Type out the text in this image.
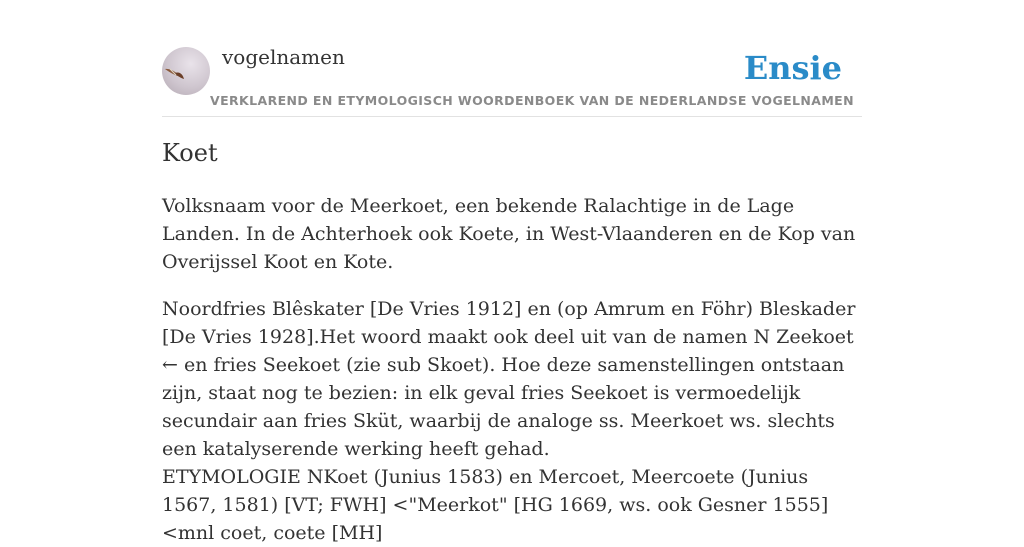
vogelnamen	Ensie
VERKLAREND EN ETYMOLOGISCH WOORDENBOEK VAN DE NEDERLANDSE VOGELNAMEN
Koet

Volksnaam voor de Meerkoet, een bekende Ralachtige in de Lage Landen. In de Achterhoek ook Koete, in West-Vlaanderen en de Kop van Overijssel Koot en Kote.

Noordfries Blêskater [De Vries 1912] en (op Amrum en Föhr) Bleskader [De Vries 1928].Het woord maakt ook deel uit van de namen N Zeekoet ← en fries Seekoet (zie sub Skoet). Hoe deze samenstellingen ontstaan zijn, staat nog te bezien: in elk geval fries Seekoet is vermoedelijk secundair aan fries Sküt, waarbij de analoge ss. Meerkoet ws. slechts een katalyserende werking heeft gehad.

ETYMOLOGIE NKoet (Junius 1583) en Mercoet, Meercoete (Junius 1567, 1581) [VT; FWH] <"Meerkot" [HG 1669, ws. ook Gesner 1555] <mnl coet, coete [MH]
